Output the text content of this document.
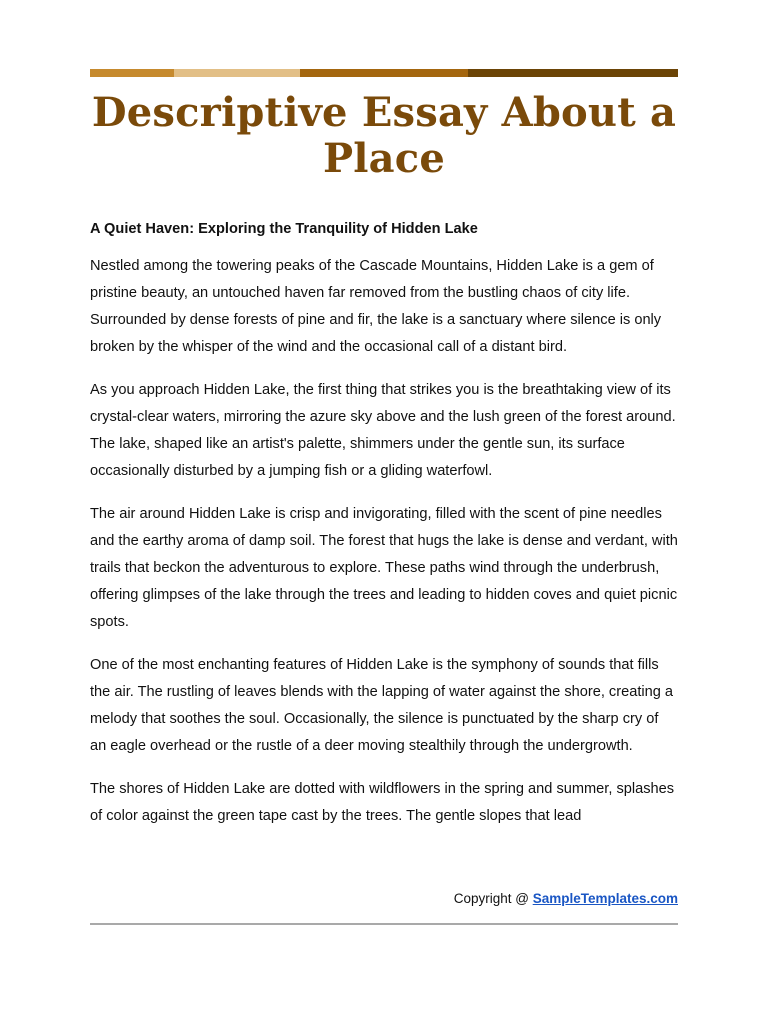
Descriptive Essay About a Place
A Quiet Haven: Exploring the Tranquility of Hidden Lake

Nestled among the towering peaks of the Cascade Mountains, Hidden Lake is a gem of pristine beauty, an untouched haven far removed from the bustling chaos of city life. Surrounded by dense forests of pine and fir, the lake is a sanctuary where silence is only broken by the whisper of the wind and the occasional call of a distant bird.

As you approach Hidden Lake, the first thing that strikes you is the breathtaking view of its crystal-clear waters, mirroring the azure sky above and the lush green of the forest around. The lake, shaped like an artist's palette, shimmers under the gentle sun, its surface occasionally disturbed by a jumping fish or a gliding waterfowl.

The air around Hidden Lake is crisp and invigorating, filled with the scent of pine needles and the earthy aroma of damp soil. The forest that hugs the lake is dense and verdant, with trails that beckon the adventurous to explore. These paths wind through the underbrush, offering glimpses of the lake through the trees and leading to hidden coves and quiet picnic spots.

One of the most enchanting features of Hidden Lake is the symphony of sounds that fills the air. The rustling of leaves blends with the lapping of water against the shore, creating a melody that soothes the soul. Occasionally, the silence is punctuated by the sharp cry of an eagle overhead or the rustle of a deer moving stealthily through the undergrowth.

The shores of Hidden Lake are dotted with wildflowers in the spring and summer, splashes of color against the green tape cast by the trees. The gentle slopes that lead

Copyright @ SampleTemplates.com
